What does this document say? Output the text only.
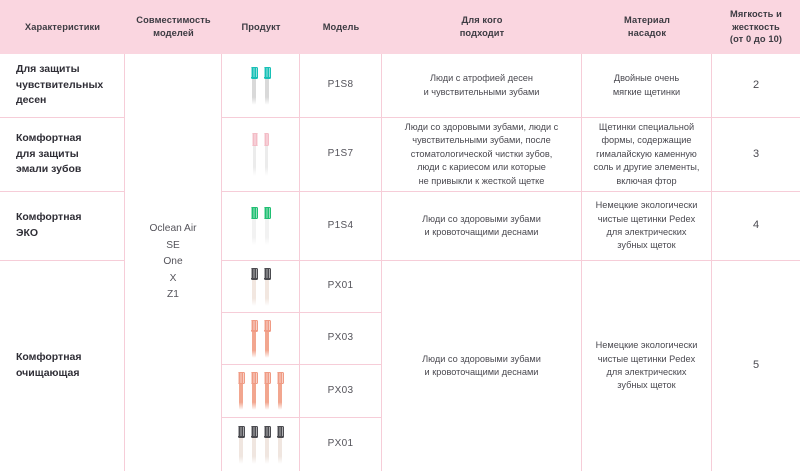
Характеристики
Совместимость
моделей
Продукт	Модель
Для кого
подходит
Материал
насадок
Мягкость и
жесткость
(от 0 до 10)
Для защиты
чувствительных
десен
Комфортная
для защиты
эмали зубов
Комфортная
ЭКО
Комфортная
очищающая
Oclean Air
SE
One
X
Z1
P1S8
P1S7
P1S4
PX01
PX03
PX03
PX01
Люди с атрофией десен
и чувствительными зубами
Люди со здоровыми зубами, люди с
чувствительными зубами, после
стоматологической чистки зубов,
люди с кариесом или которые
не привыкли к жесткой щетке
Люди со здоровыми зубами
и кровоточащими деснами
Люди со здоровыми зубами
и кровоточащими деснами
Двойные очень
мягкие щетинки
Щетинки специальной
формы, содержащие
гималайскую каменную
соль и другие элементы,
включая фтор
Немецкие экологически
чистые щетинки Pedex
для электрических
зубных щеток
Немецкие экологически
чистые щетинки Pedex
для электрических
зубных щеток
2
3
4
5
